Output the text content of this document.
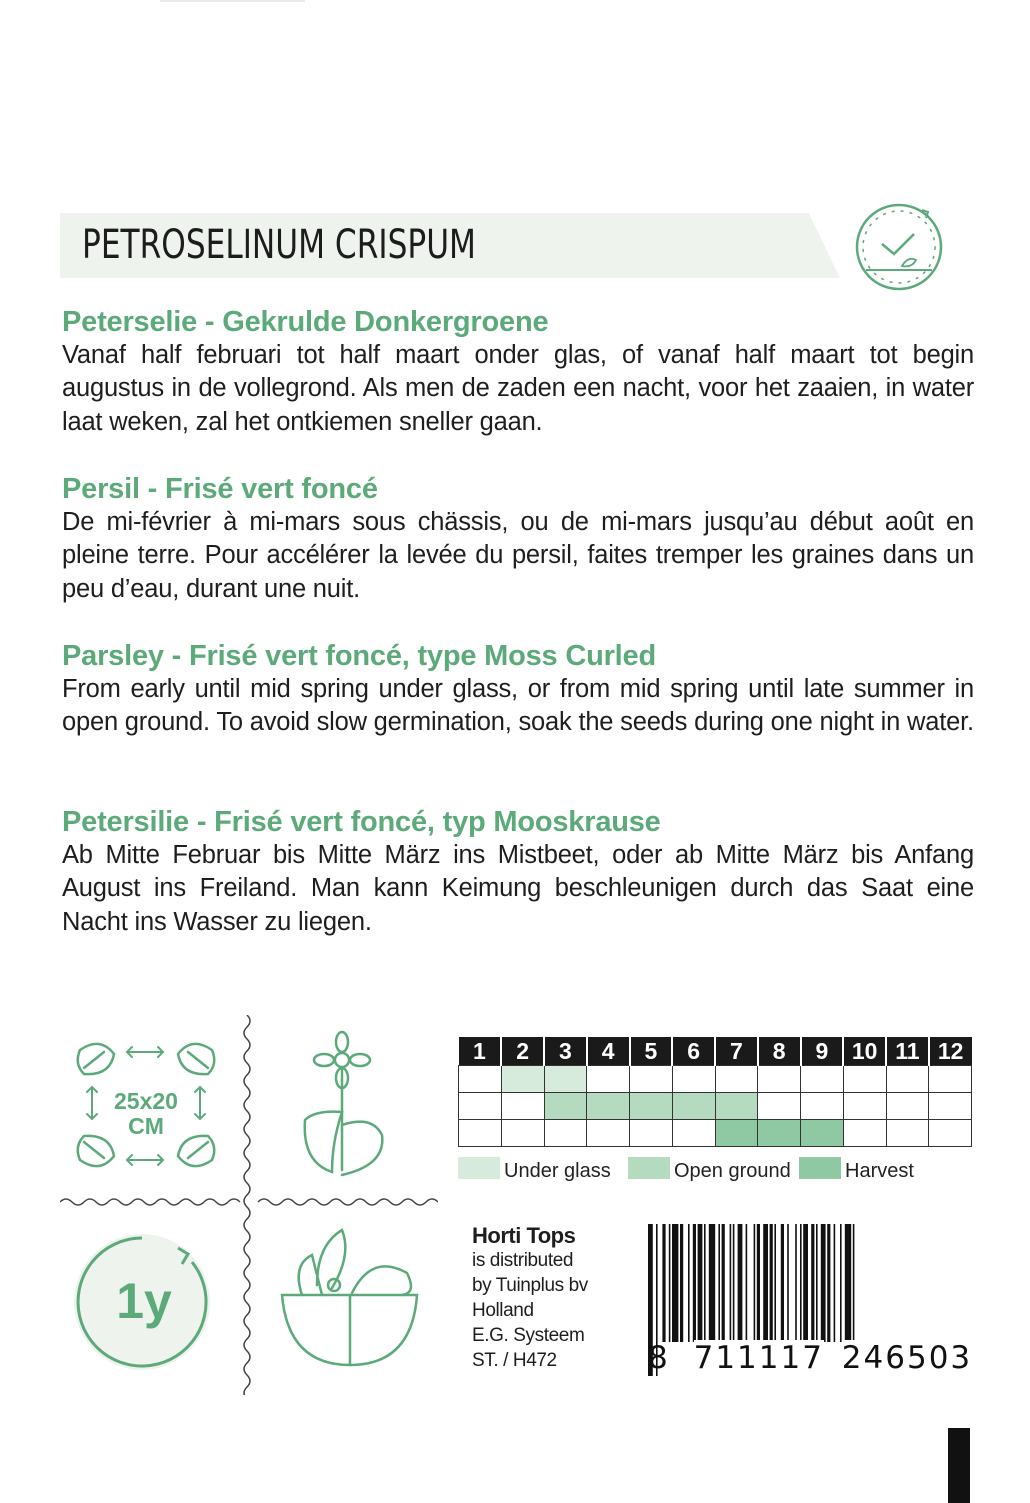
PETROSELINUM CRISPUM
Peterselie - Gekrulde Donkergroene

Vanaf half februari tot half maart onder glas, of vanaf half maart tot begin augustus in de vollegrond. Als men de zaden een nacht, voor het zaaien, in water laat weken, zal het ontkiemen sneller gaan.

Persil - Frisé vert foncé

De mi-février à mi-mars sous chässis, ou de mi-mars jusqu’au début août en pleine terre. Pour accélérer la levée du persil, faites tremper les graines dans un peu d’eau, durant une nuit.

Parsley - Frisé vert foncé, type Moss Curled

From early until mid spring under glass, or from mid spring until late summer in open ground. To avoid slow germination, soak the seeds during one night in water.

Petersilie - Frisé vert foncé, typ Mooskrause

Ab Mitte Februar bis Mitte März ins Mistbeet, oder ab Mitte März bis Anfang August ins Freiland. Man kann Keimung beschleunigen durch das Saat eine Nacht ins Wasser zu liegen.

25x20
CM
1y
1	2	3	4	5	6	7	8	9	10	11	12

Under glass	Open ground	Harvest
Horti Tops
is distributed
by Tuinplus bv
Holland
E.G. Systeem
ST. / H472	8 711117 246503
